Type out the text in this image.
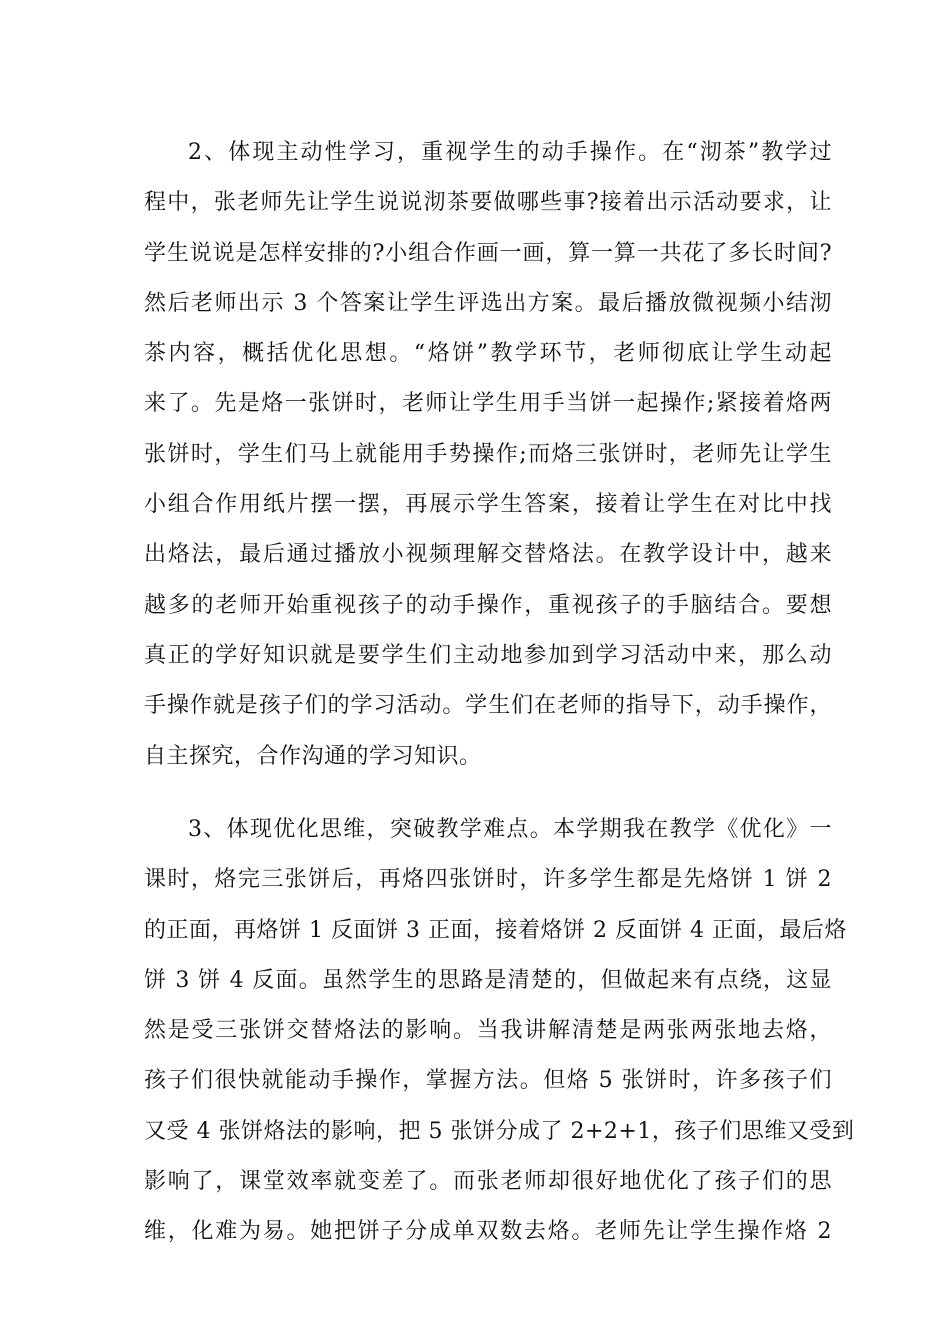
2、体现主动性学习，重视学生的动手操作。在“沏茶”教学过
程中，张老师先让学生说说沏茶要做哪些事?接着出示活动要求，让
学生说说是怎样安排的?小组合作画一画，算一算一共花了多长时间?
然后老师出示 3 个答案让学生评选出方案。最后播放微视频小结沏
茶内容，概括优化思想。“烙饼”教学环节，老师彻底让学生动起
来了。先是烙一张饼时，老师让学生用手当饼一起操作;紧接着烙两
张饼时，学生们马上就能用手势操作;而烙三张饼时，老师先让学生
小组合作用纸片摆一摆，再展示学生答案，接着让学生在对比中找
出烙法，最后通过播放小视频理解交替烙法。在教学设计中，越来
越多的老师开始重视孩子的动手操作，重视孩子的手脑结合。要想
真正的学好知识就是要学生们主动地参加到学习活动中来，那么动
手操作就是孩子们的学习活动。学生们在老师的指导下，动手操作，
自主探究，合作沟通的学习知识。
3、体现优化思维，突破教学难点。本学期我在教学《优化》一
课时，烙完三张饼后，再烙四张饼时，许多学生都是先烙饼 1 饼 2
的正面，再烙饼 1 反面饼 3 正面，接着烙饼 2 反面饼 4 正面，最后烙
饼 3 饼 4 反面。虽然学生的思路是清楚的，但做起来有点绕，这显
然是受三张饼交替烙法的影响。当我讲解清楚是两张两张地去烙，
孩子们很快就能动手操作，掌握方法。但烙 5 张饼时，许多孩子们
又受 4 张饼烙法的影响，把 5 张饼分成了 2+2+1，孩子们思维又受到
影响了，课堂效率就变差了。而张老师却很好地优化了孩子们的思
维，化难为易。她把饼子分成单双数去烙。老师先让学生操作烙 2
